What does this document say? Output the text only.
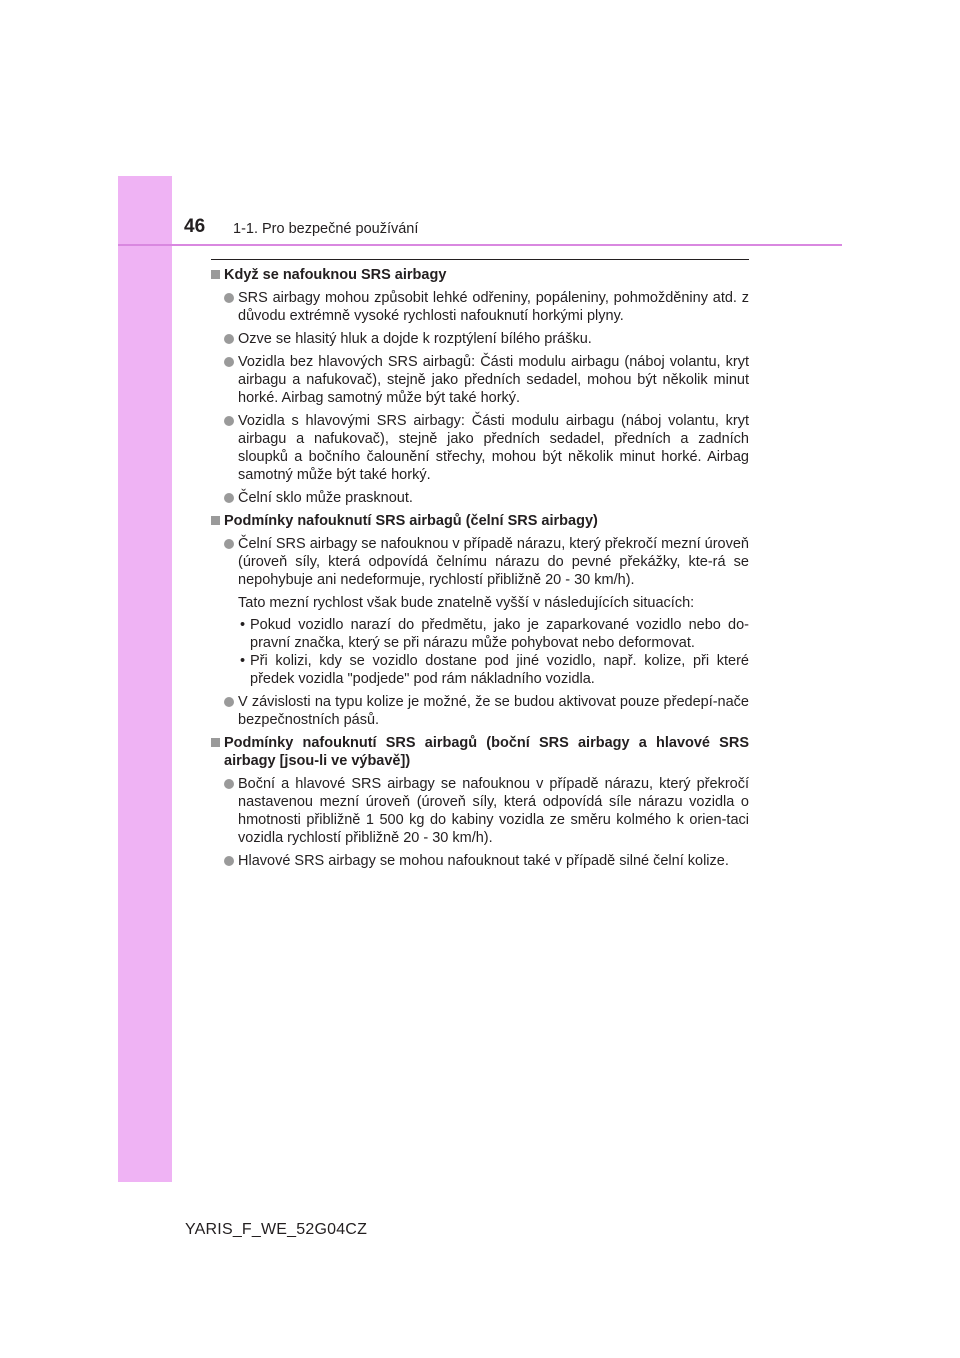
46 1-1. Pro bezpečné používání
Když se nafouknou SRS airbagy
SRS airbagy mohou způsobit lehké odřeniny, popáleniny, pohmožděniny atd. z důvodu extrémně vysoké rychlosti nafouknutí horkými plyny.
Ozve se hlasitý hluk a dojde k rozptýlení bílého prášku.
Vozidla bez hlavových SRS airbagů: Části modulu airbagu (náboj volantu, kryt airbagu a nafukovač), stejně jako předních sedadel, mohou být několik minut horké. Airbag samotný může být také horký.
Vozidla s hlavovými SRS airbagy: Části modulu airbagu (náboj volantu, kryt airbagu a nafukovač), stejně jako předních sedadel, předních a zadních sloupků a bočního čalounění střechy, mohou být několik minut horké. Airbag samotný může být také horký.
Čelní sklo může prasknout.
Podmínky nafouknutí SRS airbagů (čelní SRS airbagy)
Čelní SRS airbagy se nafouknou v případě nárazu, který překročí mezní úroveň (úroveň síly, která odpovídá čelnímu nárazu do pevné překážky, kte-rá se nepohybuje ani nedeformuje, rychlostí přibližně 20 - 30 km/h).
Tato mezní rychlost však bude znatelně vyšší v následujících situacích:
• Pokud vozidlo narazí do předmětu, jako je zaparkované vozidlo nebo do-pravní značka, který se při nárazu může pohybovat nebo deformovat.
• Při kolizi, kdy se vozidlo dostane pod jiné vozidlo, např. kolize, při které předek vozidla "podjede" pod rám nákladního vozidla.
V závislosti na typu kolize je možné, že se budou aktivovat pouze předepí-nače bezpečnostních pásů.
Podmínky nafouknutí SRS airbagů (boční SRS airbagy a hlavové SRS airbagy [jsou-li ve výbavě])
Boční a hlavové SRS airbagy se nafouknou v případě nárazu, který překročí nastavenou mezní úroveň (úroveň síly, která odpovídá síle nárazu vozidla o hmotnosti přibližně 1 500 kg do kabiny vozidla ze směru kolmého k orien-taci vozidla rychlostí přibližně 20 - 30 km/h).
Hlavové SRS airbagy se mohou nafouknout také v případě silné čelní kolize.
YARIS_F_WE_52G04CZ
